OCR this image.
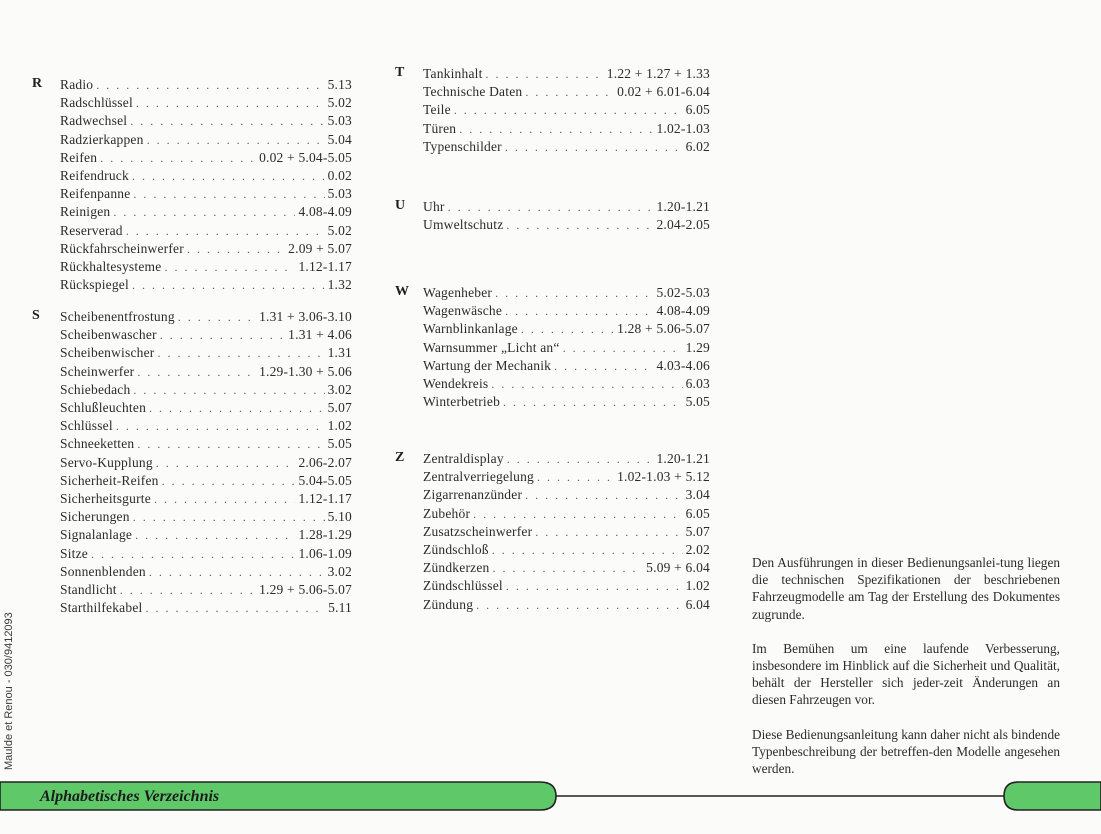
R Radio . . .	5.13
Radschlüssel . . .	5.02
Radwechsel . . .	5.03
Radzierkappen . . .	5.04
Reifen . . .	0.02 + 5.04-5.05
Reifendruck . . .	0.02
Reifenpanne . . .	5.03
Reinigen . . .	4.08-4.09
Reserverad . . .	5.02
Rückfahrscheinwerfer . . .	2.09 + 5.07
Rückhaltesysteme . . .	1.12-1.17
Rückspiegel . . .	1.32
S Scheibenentfrostung . . .	1.31 + 3.06-3.10
Scheibenwascher . . .	1.31 + 4.06
Scheibenwischer . . .	1.31
Scheinwerfer . . .	1.29-1.30 + 5.06
Schiebedach . . .	3.02
Schlußleuchten . . .	5.07
Schlüssel . . .	1.02
Schneeketten . . .	5.05
Servo-Kupplung . . .	2.06-2.07
Sicherheit-Reifen . . .	5.04-5.05
Sicherheitsgurte . . .	1.12-1.17
Sicherungen . . .	5.10
Signalanlage . . .	1.28-1.29
Sitze . . .	1.06-1.09
Sonnenblenden . . .	3.02
Standlicht . . .	1.29 + 5.06-5.07
Starthilfekabel . . .	5.11
T Tankinhalt . . .	1.22 + 1.27 + 1.33
Technische Daten . . .	0.02 + 6.01-6.04
Teile . . .	6.05
Türen . . .	1.02-1.03
Typenschilder . . .	6.02
U Uhr . . .	1.20-1.21
Umweltschutz . . .	2.04-2.05
W Wagenheber . . .	5.02-5.03
Wagenwäsche . . .	4.08-4.09
Warnblinkanlage . . .	1.28 + 5.06-5.07
Warnsummer „Licht an“ . . .	1.29
Wartung der Mechanik . . .	4.03-4.06
Wendekreis . . .	6.03
Winterbetrieb . . .	5.05
Z Zentraldisplay . . .	1.20-1.21
Zentralverriegelung . . .	1.02-1.03 + 5.12
Zigarrenanzünder . . .	3.04
Zubehör . . .	6.05
Zusatzscheinwerfer . . .	5.07
Zündschloß . . .	2.02
Zündkerzen . . .	5.09 + 6.04
Zündschlüssel . . .	1.02
Zündung . . .	6.04

Den Ausführungen in dieser Bedienungsanlei-tung liegen die technischen Spezifikationen der beschriebenen Fahrzeugmodelle am Tag der Erstellung des Dokumentes zugrunde.

Im Bemühen um eine laufende Verbesserung, insbesondere im Hinblick auf die Sicherheit und Qualität, behält der Hersteller sich jeder-zeit Änderungen an diesen Fahrzeugen vor.

Diese Bedienungsanleitung kann daher nicht als bindende Typenbeschreibung der betreffen-den Modelle angesehen werden.

Maulde et Renou - 030/9412093
Alphabetisches Verzeichnis
